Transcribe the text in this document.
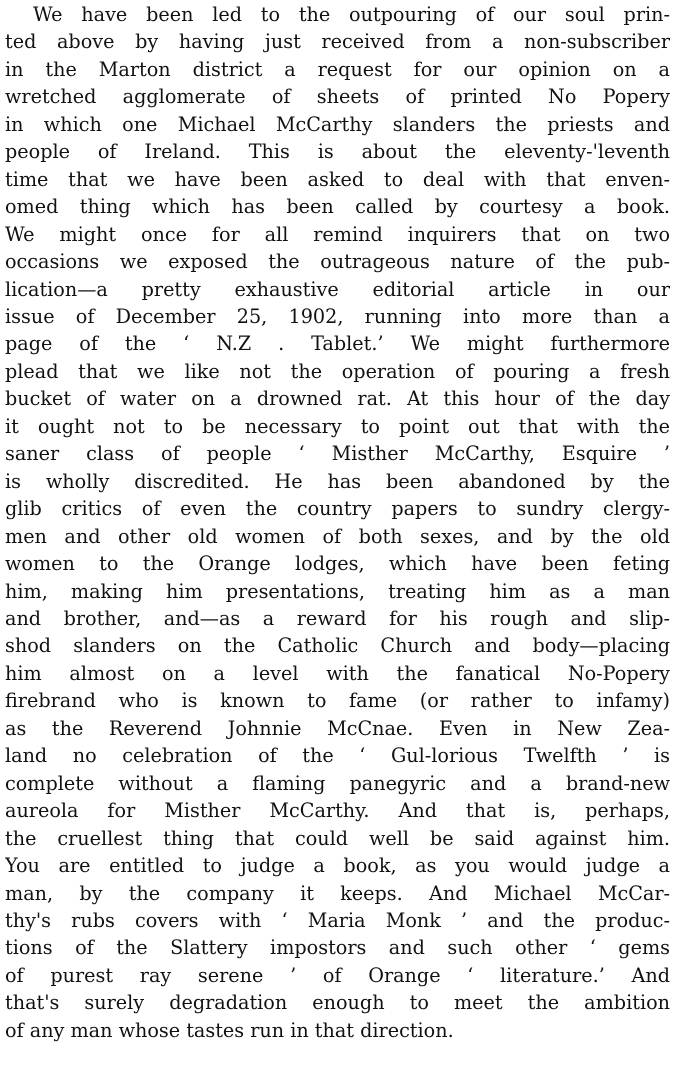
We have been led to the outpouring of our soul prin-
ted above by having just received from a non-subscriber
in the Marton district a request for our opinion on a
wretched agglomerate of sheets of printed No Popery
in which one Michael McCarthy slanders the priests and
people of Ireland. This is about the eleventy-'leventh
time that we have been asked to deal with that enven-
omed thing which has been called by courtesy a book.
We might once for all remind inquirers that on two
occasions we exposed the outrageous nature of the pub-
lication—a pretty exhaustive editorial article in our
issue of December 25, 1902, running into more than a
page of the ‘ N.Z . Tablet.’ We might furthermore
plead that we like not the operation of pouring a fresh
bucket of water on a drowned rat. At this hour of the day
it ought not to be necessary to point out that with the
saner class of people ‘ Misther McCarthy, Esquire ’
is wholly discredited. He has been abandoned by the
glib critics of even the country papers to sundry clergy-
men and other old women of both sexes, and by the old
women to the Orange lodges, which have been feting
him, making him presentations, treating him as a man
and brother, and—as a reward for his rough and slip-
shod slanders on the Catholic Church and body—placing
him almost on a level with the fanatical No-Popery
firebrand who is known to fame (or rather to infamy)
as the Reverend Johnnie McCnae. Even in New Zea-
land no celebration of the ‘ Gul-lorious Twelfth ’ is
complete without a flaming panegyric and a brand-new
aureola for Misther McCarthy. And that is, perhaps,
the cruellest thing that could well be said against him.
You are entitled to judge a book, as you would judge a
man, by the company it keeps. And Michael McCar-
thy's rubs covers with ‘ Maria Monk ’ and the produc-
tions of the Slattery impostors and such other ‘ gems
of purest ray serene ’ of Orange ‘ literature.’ And
that's surely degradation enough to meet the ambition
of any man whose tastes run in that direction.
